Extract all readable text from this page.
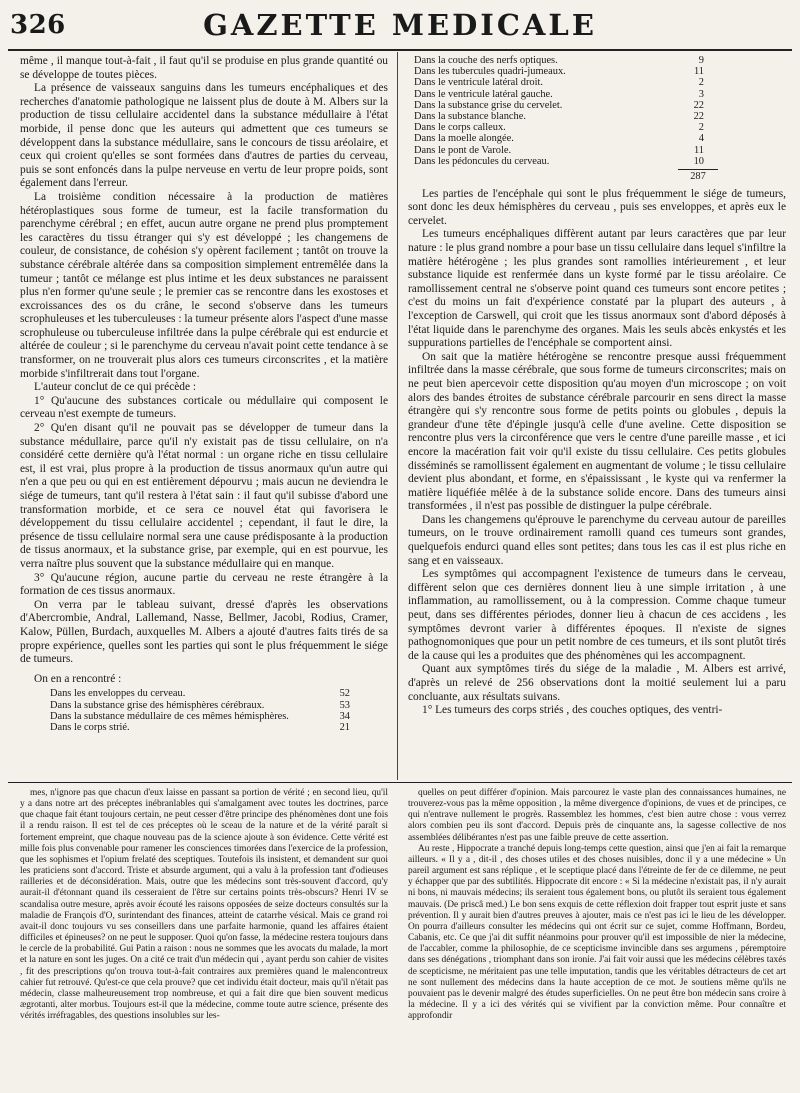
326	GAZETTE MEDICALE

même , il manque tout-à-fait , il faut qu'il se produise en plus grande quantité ou se développe de toutes pièces.

La présence de vaisseaux sanguins dans les tumeurs encéphaliques et des recherches d'anatomie pathologique ne laissent plus de doute à M. Albers sur la production de tissu cellulaire accidentel dans la substance médullaire à l'état morbide, il pense donc que les auteurs qui admettent que ces tumeurs se développent dans la substance médullaire, sans le concours de tissu aréolaire, et ceux qui croient qu'elles se sont formées dans d'autres de parties du cerveau, puis se sont enfoncés dans la pulpe nerveuse en vertu de leur propre poids, sont également dans l'erreur.

La troisième condition nécessaire à la production de matières hétéroplastiques sous forme de tumeur, est la facile transformation du parenchyme cérébral ; en effet, aucun autre organe ne prend plus promptement les caractères du tissu étranger qui s'y est développé ; les changemens de couleur, de consistance, de cohésion s'y opèrent facilement ; tantôt on trouve la substance cérébrale altérée dans sa composition simplement entremêlée dans la tumeur ; tantôt ce mélange est plus intime et les deux substances ne paraissent plus n'en former qu'une seule ; le premier cas se rencontre dans les exostoses et excroissances des os du crâne, le second s'observe dans les tumeurs scrophuleuses et les tuberculeuses : la tumeur présente alors l'aspect d'une masse scrophuleuse ou tuberculeuse infiltrée dans la pulpe cérébrale qui est endurcie et altérée de couleur ; si le parenchyme du cerveau n'avait point cette tendance à se transformer, on ne trouverait plus alors ces tumeurs circonscrites , et la matière morbide s'infiltrerait dans tout l'organe.

L'auteur conclut de ce qui précède :

1° Qu'aucune des substances corticale ou médullaire qui composent le cerveau n'est exempte de tumeurs.

2° Qu'en disant qu'il ne pouvait pas se développer de tumeur dans la substance médullaire, parce qu'il n'y existait pas de tissu cellulaire, on n'a considéré cette dernière qu'à l'état normal : un organe riche en tissu cellulaire est, il est vrai, plus propre à la production de tissus anormaux qu'un autre qui n'en a que peu ou qui en est entièrement dépourvu ; mais aucun ne deviendra le siége de tumeurs, tant qu'il restera à l'état sain : il faut qu'il subisse d'abord une transformation morbide, et ce sera ce nouvel état qui favorisera le développement du tissu cellulaire accidentel ; cependant, il faut le dire, la présence de tissu cellulaire normal sera une cause prédisposante à la production de tissus anormaux, et la substance grise, par exemple, qui en est pourvue, les verra naître plus souvent que la substance médullaire qui en manque.

3° Qu'aucune région, aucune partie du cerveau ne reste étrangère à la formation de ces tissus anormaux.

On verra par le tableau suivant, dressé d'après les observations d'Abercrombie, Andral, Lallemand, Nasse, Bellmer, Jacobi, Rodius, Cramer, Kalow, Püllen, Burdach, auxquelles M. Albers a ajouté d'autres faits tirés de sa propre expérience, quelles sont les parties qui sont le plus fréquemment le siége de tumeurs.

On en a rencontré :

Dans les enveloppes du cerveau.	52
Dans la substance grise des hémisphères cérébraux.	53
Dans la substance médullaire de ces mêmes hémisphères.	34
Dans le corps strié.	21
Dans la couche des nerfs optiques.	9
Dans les tubercules quadri-jumeaux.	11
Dans le ventricule latéral droit.	2
Dans le ventricule latéral gauche.	3
Dans la substance grise du cervelet.	22
Dans la substance blanche.	22
Dans le corps calleux.	2
Dans la moelle alongée.	4
Dans le pont de Varole.	11
Dans les pédoncules du cerveau.	10
287

Les parties de l'encéphale qui sont le plus fréquemment le siége de tumeurs, sont donc les deux hémisphères du cerveau , puis ses enveloppes, et après eux le cervelet.

Les tumeurs encéphaliques diffèrent autant par leurs caractères que par leur nature : le plus grand nombre a pour base un tissu cellulaire dans lequel s'infiltre la matière hétérogène ; les plus grandes sont ramollies intérieurement , et leur substance liquide est renfermée dans un kyste formé par le tissu aréolaire. Ce ramollissement central ne s'observe point quand ces tumeurs sont encore petites ; c'est du moins un fait d'expérience constaté par la plupart des auteurs , à l'exception de Carswell, qui croit que les tissus anormaux sont d'abord déposés à l'état liquide dans le parenchyme des organes. Mais les seuls abcès enkystés et les suppurations partielles de l'encéphale se comportent ainsi.

On sait que la matière hétérogène se rencontre presque aussi fréquemment infiltrée dans la masse cérébrale, que sous forme de tumeurs circonscrites; mais on ne peut bien apercevoir cette disposition qu'au moyen d'un microscope ; on voit alors des bandes étroites de substance cérébrale parcourir en sens direct la masse étrangère qui s'y rencontre sous forme de petits points ou globules , depuis la grandeur d'une tête d'épingle jusqu'à celle d'une aveline. Cette disposition se rencontre plus vers la circonférence que vers le centre d'une pareille masse , et ici encore la macération fait voir qu'il existe du tissu cellulaire. Ces petits globules disséminés se ramollissent également en augmentant de volume ; le tissu cellulaire devient plus abondant, et forme, en s'épaississant , le kyste qui va renfermer la matière liquéfiée mêlée à de la substance solide encore. Dans des tumeurs ainsi transformées , il n'est pas possible de distinguer la pulpe cérébrale.

Dans les changemens qu'éprouve le parenchyme du cerveau autour de pareilles tumeurs, on le trouve ordinairement ramolli quand ces tumeurs sont grandes, quelquefois endurci quand elles sont petites; dans tous les cas il est plus riche en sang et en vaisseaux.

Les symptômes qui accompagnent l'existence de tumeurs dans le cerveau, diffèrent selon que ces dernières donnent lieu à une simple irritation , à une inflammation, au ramollissement, ou à la compression. Comme chaque tumeur peut, dans ses différentes périodes, donner lieu à chacun de ces accidens , les symptômes devront varier à différentes époques. Il n'existe de signes pathognomoniques que pour un petit nombre de ces tumeurs, et ils sont plutôt tirés de la cause qui les a produites que des phénomènes qui les accompagnent.

Quant aux symptômes tirés du siége de la maladie , M. Albers est arrivé, d'après un relevé de 256 observations dont la moitié seulement lui a paru concluante, aux résultats suivans.

1° Les tumeurs des corps striés , des couches optiques, des ventri-

mes, n'ignore pas que chacun d'eux laisse en passant sa portion de vérité ; en second lieu, qu'il y a dans notre art des préceptes inébranlables qui s'amalgament avec toutes les doctrines, parce que chaque fait étant toujours certain, ne peut cesser d'être principe des phénomènes dont une fois il a rendu raison. Il est tel de ces préceptes où le sceau de la nature et de la vérité paraît si fortement empreint, que chaque nouveau pas de la science ajoute à son évidence. Cette vérité est mille fois plus convenable pour ramener les consciences timorées dans l'exercice de la profession, que les sophismes et l'opium frelaté des sceptiques. Toutefois ils insistent, et demandent sur quoi les praticiens sont d'accord. Triste et absurde argument, qui a valu à la profession tant d'odieuses railleries et de déconsidération. Mais, outre que les médecins sont très-souvent d'accord, qu'y aurait-il d'étonnant quand ils cesseraient de l'être sur certains points très-obscurs? Henri IV se scandalisa outre mesure, après avoir écouté les raisons opposées de seize docteurs consultés sur la maladie de François d'O, surintendant des finances, atteint de catarrhe vésical. Mais ce grand roi avait-il donc toujours vu ses conseillers dans une parfaite harmonie, quand les affaires étaient difficiles et épineuses? on ne peut le supposer. Quoi qu'on fasse, la médecine restera toujours dans le cercle de la probabilité. Gui Patin a raison : nous ne sommes que les avocats du malade, la mort et la nature en sont les juges. On a cité ce trait d'un médecin qui , ayant perdu son cahier de visites , fit des prescriptions qu'on trouva tout-à-fait contraires aux premières quand le malencontreux cahier fut retrouvé. Qu'est-ce que cela prouve? que cet individu était docteur, mais qu'il n'était pas médecin, classe malheureusement trop nombreuse, et qui a fait dire que bien souvent medicus ægrotanti, alter morbus. Toujours est-il que la médecine, comme toute autre science, présente des vérités irréfragables, des questions insolubles sur les-

quelles on peut différer d'opinion. Mais parcourez le vaste plan des connaissances humaines, ne trouverez-vous pas la même opposition , la même divergence d'opinions, de vues et de principes, ce qui n'entrave nullement le progrès. Rassemblez les hommes, c'est bien autre chose : vous verrez alors combien peu ils sont d'accord. Depuis près de cinquante ans, la sagesse collective de nos assemblées délibérantes n'est pas une faible preuve de cette assertion.

Au reste , Hippocrate a tranché depuis long-temps cette question, ainsi que j'en ai fait la remarque ailleurs. « Il y a , dit-il , des choses utiles et des choses nuisibles, donc il y a une médecine » Un pareil argument est sans réplique , et le sceptique placé dans l'étreinte de fer de ce dilemme, ne peut y échapper que par des subtilités. Hippocrate dit encore : « Si la médecine n'existait pas, il n'y aurait ni bons, ni mauvais médecins; ils seraient tous également bons, ou plutôt ils seraient tous également mauvais. (De priscâ med.) Le bon sens exquis de cette réflexion doit frapper tout esprit juste et sans prévention. Il y aurait bien d'autres preuves à ajouter, mais ce n'est pas ici le lieu de les développer. On pourra d'ailleurs consulter les médecins qui ont écrit sur ce sujet, comme Hoffmann, Bordeu, Cabanis, etc. Ce que j'ai dit suffit néanmoins pour prouver qu'il est impossible de nier la médecine, de l'accabler, comme la philosophie, de ce scepticisme invincible dans ses argumens , péremptoire dans ses dénégations , triomphant dans son ironie. J'ai fait voir aussi que les médecins célèbres taxés de scepticisme, ne méritaient pas une telle imputation, tandis que les véritables détracteurs de cet art ne sont nullement des médecins dans la haute acception de ce mot. Je soutiens même qu'ils ne pouvaient pas le devenir malgré des études superficielles. On ne peut être bon médecin sans croire à la médecine. Il y a ici des vérités qui se vivifient par la conviction même. Pour connaître et approfondir
